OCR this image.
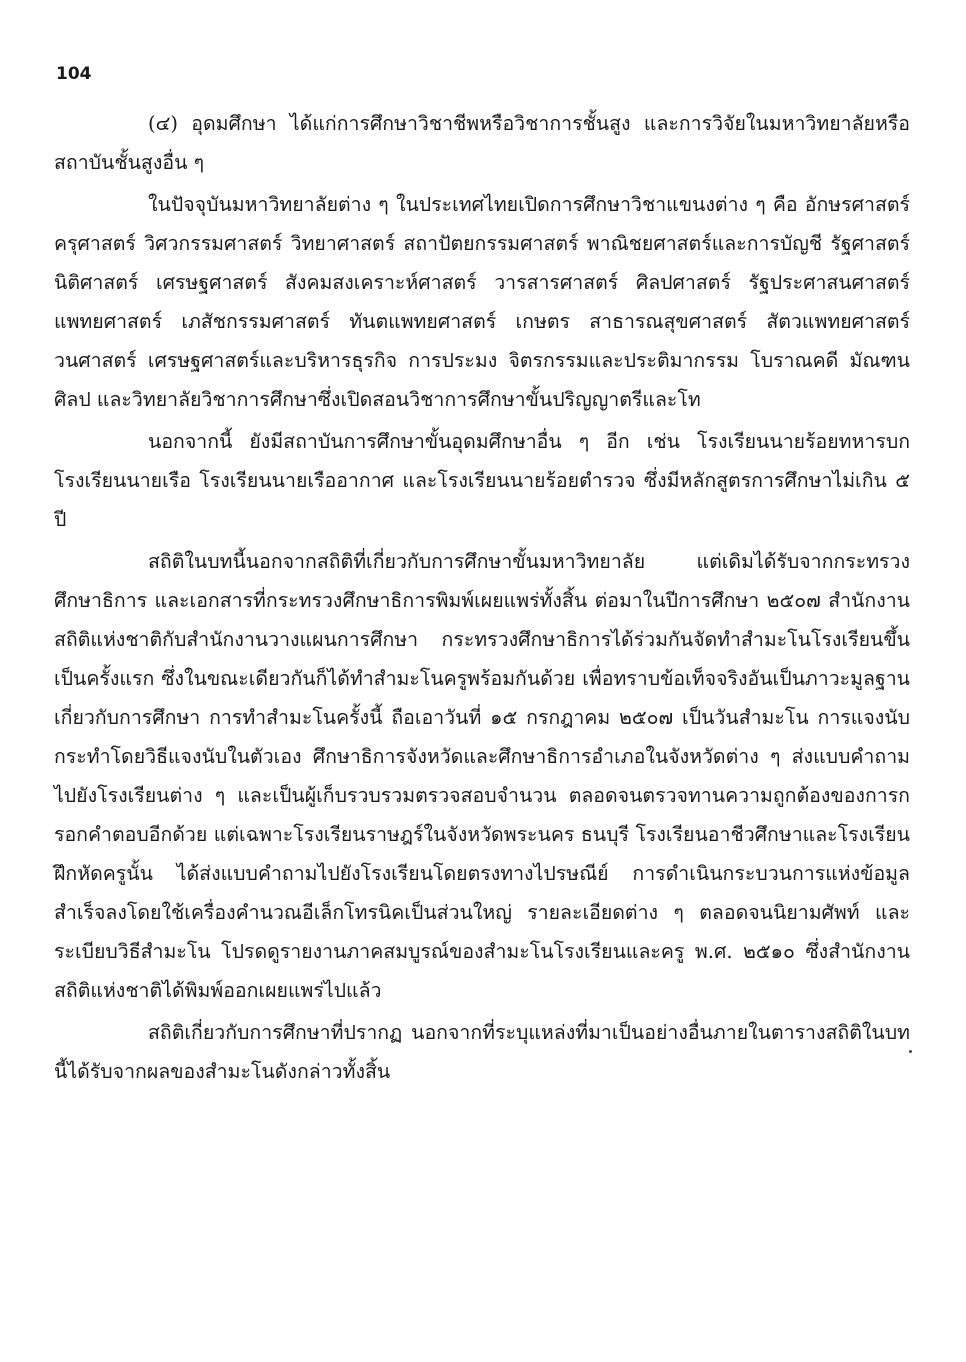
104

(๔) อุดมศึกษา ได้แก่การศึกษาวิชาชีพหรือวิชาการชั้นสูง และการวิจัยในมหาวิทยาลัยหรือสถาบันชั้นสูงอื่น ๆ

ในปัจจุบันมหาวิทยาลัยต่าง ๆ ในประเทศไทยเปิดการศึกษาวิชาแขนงต่าง ๆ คือ อักษรศาสตร์ ครุศาสตร์ วิศวกรรมศาสตร์ วิทยาศาสตร์ สถาปัตยกรรมศาสตร์ พาณิชยศาสตร์และการบัญชี รัฐศาสตร์ นิติศาสตร์ เศรษฐศาสตร์ สังคมสงเคราะห์ศาสตร์ วารสารศาสตร์ ศิลปศาสตร์ รัฐประศาสนศาสตร์ แพทยศาสตร์ เภสัชกรรมศาสตร์ ทันตแพทยศาสตร์ เกษตร สาธารณสุขศาสตร์ สัตวแพทยศาสตร์ วนศาสตร์ เศรษฐศาสตร์และบริหารธุรกิจ การประมง จิตรกรรมและประติมากรรม โบราณคดี มัณฑนศิลป และวิทยาลัยวิชาการศึกษาซึ่งเปิดสอนวิชาการศึกษาขั้นปริญญาตรีและโท

นอกจากนี้ ยังมีสถาบันการศึกษาขั้นอุดมศึกษาอื่น ๆ อีก เช่น โรงเรียนนายร้อยทหารบก โรงเรียนนายเรือ โรงเรียนนายเรืออากาศ และโรงเรียนนายร้อยตำรวจ ซึ่งมีหลักสูตรการศึกษาไม่เกิน ๕ ปี

สถิติในบทนี้นอกจากสถิติที่เกี่ยวกับการศึกษาขั้นมหาวิทยาลัย แต่เดิมได้รับจากกระทรวงศึกษาธิการ และเอกสารที่กระทรวงศึกษาธิการพิมพ์เผยแพร่ทั้งสิ้น ต่อมาในปีการศึกษา ๒๕๐๗ สำนักงานสถิติแห่งชาติกับสำนักงานวางแผนการศึกษา กระทรวงศึกษาธิการได้ร่วมกันจัดทำสำมะโนโรงเรียนขึ้นเป็นครั้งแรก ซึ่งในขณะเดียวกันก็ได้ทำสำมะโนครูพร้อมกันด้วย เพื่อทราบข้อเท็จจริงอันเป็นภาวะมูลฐานเกี่ยวกับการศึกษา การทำสำมะโนครั้งนี้ ถือเอาวันที่ ๑๕ กรกฎาคม ๒๕๐๗ เป็นวันสำมะโน การแจงนับกระทำโดยวิธีแจงนับในตัวเอง ศึกษาธิการจังหวัดและศึกษาธิการอำเภอในจังหวัดต่าง ๆ ส่งแบบคำถามไปยังโรงเรียนต่าง ๆ และเป็นผู้เก็บรวบรวมตรวจสอบจำนวน ตลอดจนตรวจทานความถูกต้องของการกรอกคำตอบอีกด้วย แต่เฉพาะโรงเรียนราษฎร์ในจังหวัดพระนคร ธนบุรี โรงเรียนอาชีวศึกษาและโรงเรียนฝึกหัดครูนั้น ได้ส่งแบบคำถามไปยังโรงเรียนโดยตรงทางไปรษณีย์ การดำเนินกระบวนการแห่งข้อมูลสำเร็จลงโดยใช้เครื่องคำนวณอีเล็กโทรนิคเป็นส่วนใหญ่ รายละเอียดต่าง ๆ ตลอดจนนิยามศัพท์ และระเบียบวิธีสำมะโน โปรดดูรายงานภาคสมบูรณ์ของสำมะโนโรงเรียนและครู พ.ศ. ๒๕๑๐ ซึ่งสำนักงานสถิติแห่งชาติได้พิมพ์ออกเผยแพร่ไปแล้ว

สถิติเกี่ยวกับการศึกษาที่ปรากฏ นอกจากที่ระบุแหล่งที่มาเป็นอย่างอื่นภายในตารางสถิติในบทนี้ได้รับจากผลของสำมะโนดังกล่าวทั้งสิ้น
